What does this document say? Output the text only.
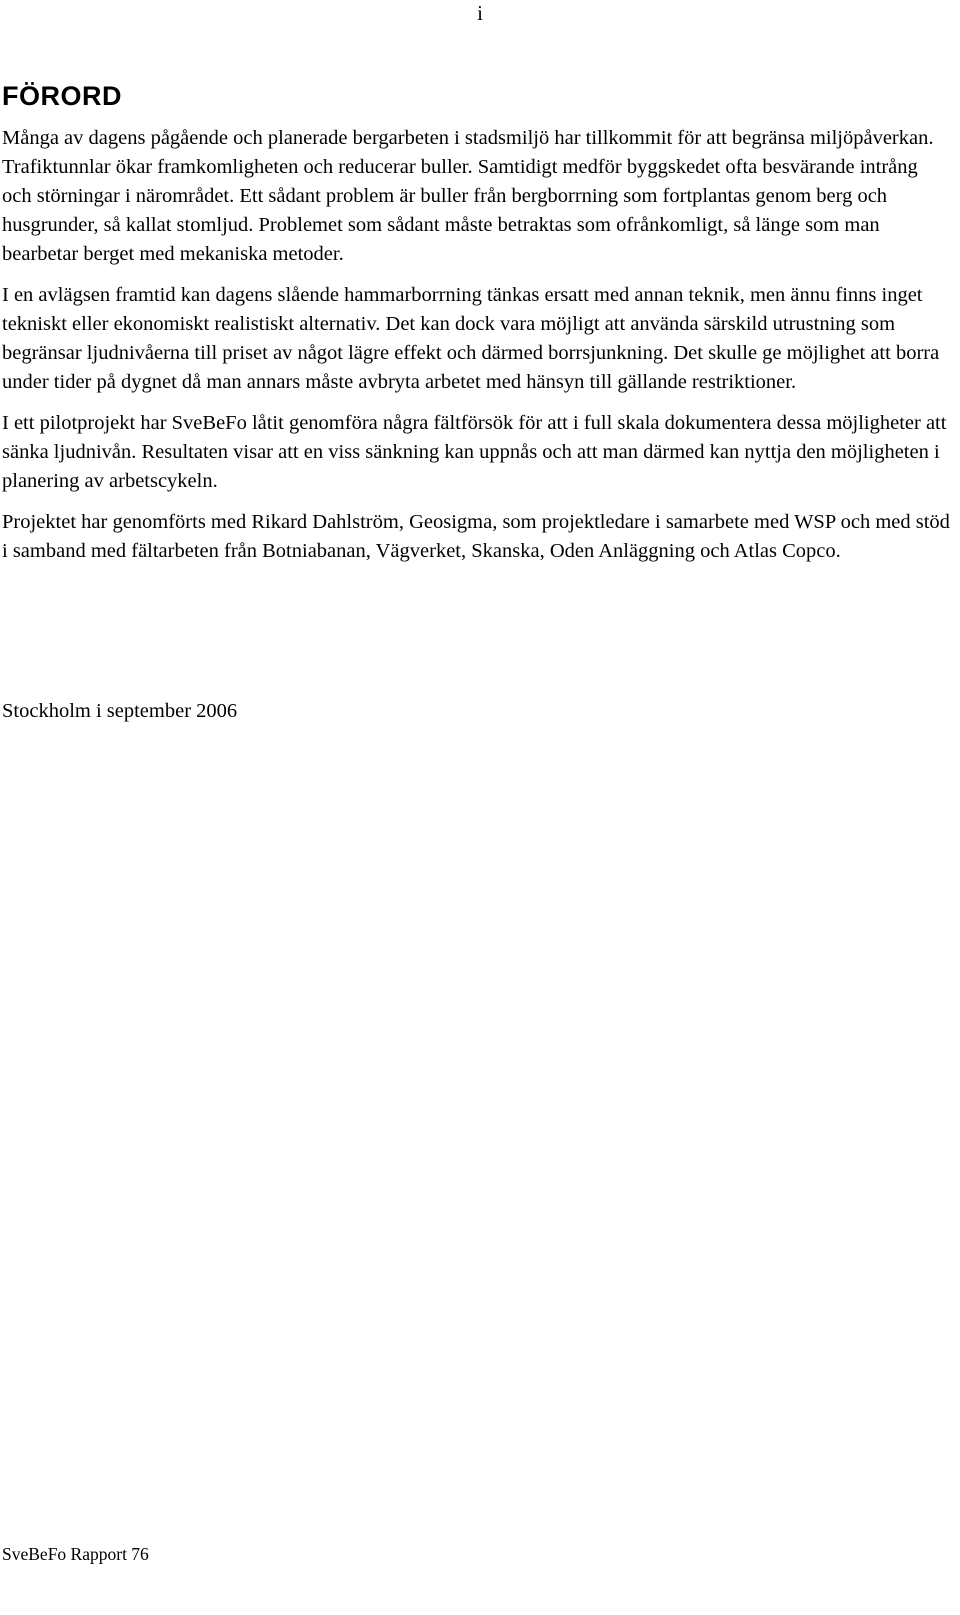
i
FÖRORD

Många av dagens pågående och planerade bergarbeten i stadsmiljö har tillkommit för att begränsa miljöpåverkan. Trafiktunnlar ökar framkomligheten och reducerar buller. Samtidigt medför byggskedet ofta besvärande intrång och störningar i närområdet. Ett sådant problem är buller från bergborrning som fortplantas genom berg och husgrunder, så kallat stomljud. Problemet som sådant måste betraktas som ofrånkomligt, så länge som man bearbetar berget med mekaniska metoder.

I en avlägsen framtid kan dagens slående hammarborrning tänkas ersatt med annan teknik, men ännu finns inget tekniskt eller ekonomiskt realistiskt alternativ. Det kan dock vara möjligt att använda särskild utrustning som begränsar ljudnivåerna till priset av något lägre effekt och därmed borrsjunkning. Det skulle ge möjlighet att borra under tider på dygnet då man annars måste avbryta arbetet med hänsyn till gällande restriktioner.

I ett pilotprojekt har SveBeFo låtit genomföra några fältförsök för att i full skala dokumentera dessa möjligheter att sänka ljudnivån. Resultaten visar att en viss sänkning kan uppnås och att man därmed kan nyttja den möjligheten i planering av arbetscykeln.

Projektet har genomförts med Rikard Dahlström, Geosigma, som projektledare i samarbete med WSP och med stöd i samband med fältarbeten från Botniabanan, Vägverket, Skanska, Oden Anläggning och Atlas Copco.

Stockholm i september 2006

SveBeFo Rapport 76
